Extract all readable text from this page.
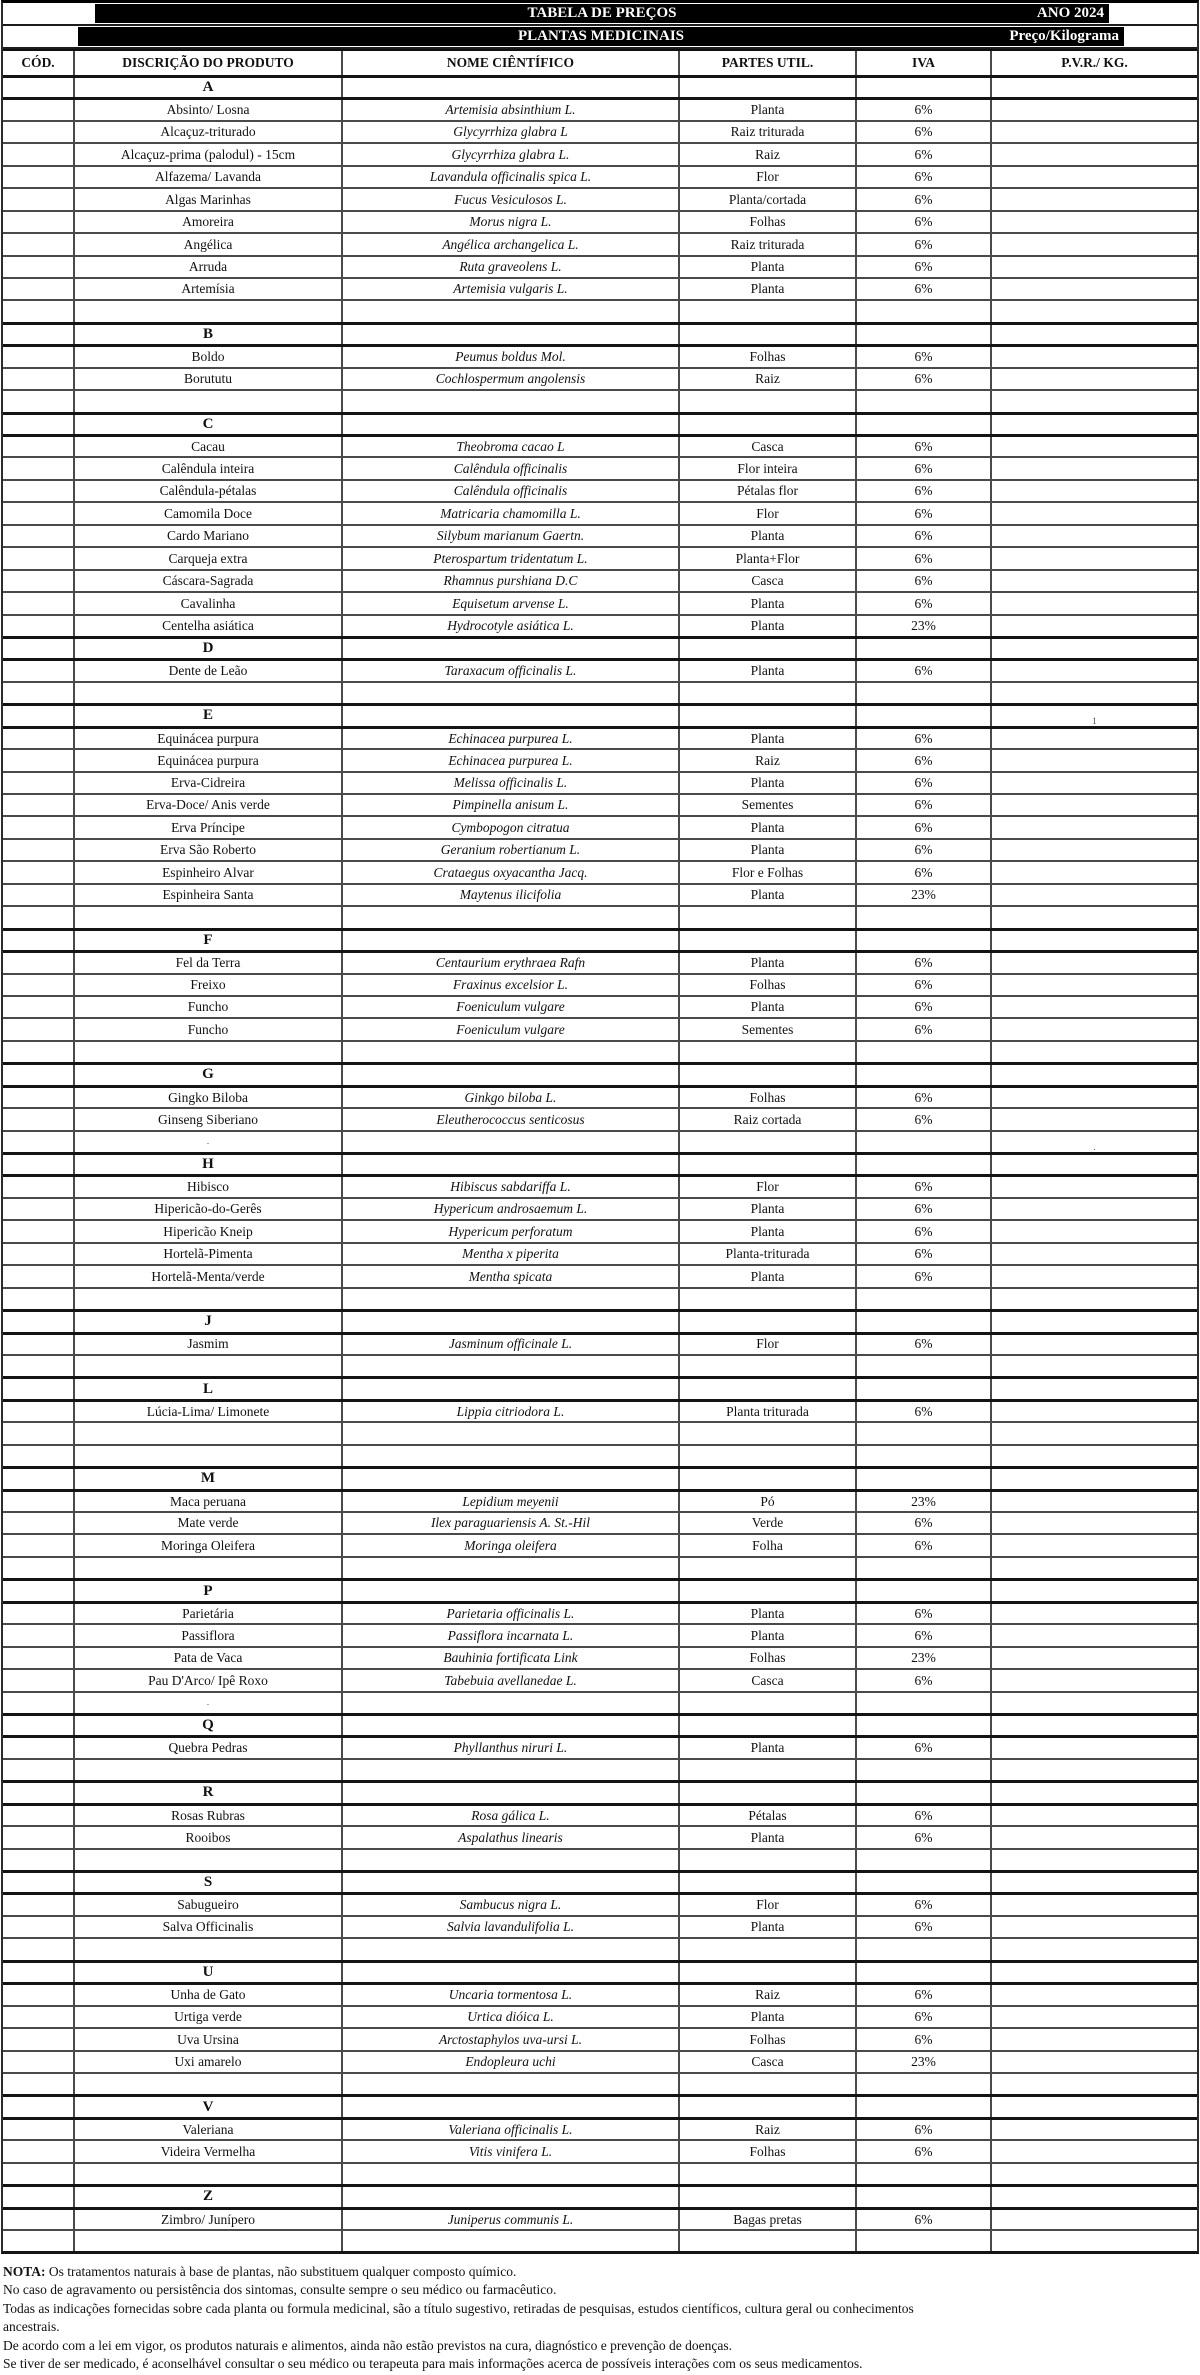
TABELA DE PREÇOS	ANO 2024
PLANTAS MEDICINAIS	Preço/Kilograma
CÓD.	DISCRIÇÃO DO PRODUTO	NOME CIÊNTÍFICO	PARTES UTIL.	IVA	P.V.R./ KG.
A
Absinto/ Losna	Artemisia absinthium L.	Planta	6%
Alcaçuz-triturado	Glycyrrhiza glabra L	Raiz triturada	6%
Alcaçuz-prima (palodul) - 15cm	Glycyrrhiza glabra L.	Raiz	6%
Alfazema/ Lavanda	Lavandula officinalis spica L.	Flor	6%
Algas Marinhas	Fucus Vesiculosos L.	Planta/cortada	6%
Amoreira	Morus nigra L.	Folhas	6%
Angélica	Angélica archangelica L.	Raiz triturada	6%
Arruda	Ruta graveolens L.	Planta	6%
Artemísia	Artemisia vulgaris L.	Planta	6%
B
Boldo	Peumus boldus Mol.	Folhas	6%
Borututu	Cochlospermum angolensis	Raiz	6%
C
Cacau	Theobroma cacao L	Casca	6%
Calêndula inteira	Calêndula officinalis	Flor inteira	6%
Calêndula-pétalas	Calêndula officinalis	Pétalas flor	6%
Camomila Doce	Matricaria chamomilla L.	Flor	6%
Cardo Mariano	Silybum marianum Gaertn.	Planta	6%
Carqueja extra	Pterospartum tridentatum L.	Planta+Flor	6%
Cáscara-Sagrada	Rhamnus purshiana D.C	Casca	6%
Cavalinha	Equisetum arvense L.	Planta	6%
Centelha asiática	Hydrocotyle asiática L.	Planta	23%
D
Dente de Leão	Taraxacum officinalis L.	Planta	6%
E	1
Equinácea purpura	Echinacea purpurea L.	Planta	6%
Equinácea purpura	Echinacea purpurea L.	Raiz	6%
Erva-Cidreira	Melissa officinalis L.	Planta	6%
Erva-Doce/ Anis verde	Pimpinella anisum L.	Sementes	6%
Erva Príncipe	Cymbopogon citratua	Planta	6%
Erva São Roberto	Geranium robertianum L.	Planta	6%
Espinheiro Alvar	Crataegus oxyacantha Jacq.	Flor e Folhas	6%
Espinheira Santa	Maytenus ilicifolia	Planta	23%
F
Fel da Terra	Centaurium erythraea Rafn	Planta	6%
Freixo	Fraxinus excelsior L.	Folhas	6%
Funcho	Foeniculum vulgare	Planta	6%
Funcho	Foeniculum vulgare	Sementes	6%
G
Gingko Biloba	Ginkgo biloba L.	Folhas	6%
Ginseng Siberiano	Eleutherococcus senticosus	Raiz cortada	6%
.
.
H
Hibisco	Hibiscus sabdariffa L.	Flor	6%
Hipericão-do-Gerês	Hypericum androsaemum L.	Planta	6%
Hipericão Kneip	Hypericum perforatum	Planta	6%
Hortelã-Pimenta	Mentha x piperita	Planta-triturada	6%
Hortelã-Menta/verde	Mentha spicata	Planta	6%
J
Jasmim	Jasminum officinale L.	Flor	6%
L
Lúcia-Lima/ Limonete	Lippia citriodora L.	Planta triturada	6%
M
Maca peruana	Lepidium meyenii	Pó	23%
Mate verde	Ilex paraguariensis A. St.-Hil	Verde	6%
Moringa Oleifera	Moringa oleifera	Folha	6%
P
Parietária	Parietaria officinalis L.	Planta	6%
Passiflora	Passiflora incarnata L.	Planta	6%
Pata de Vaca	Bauhinia fortificata Link	Folhas	23%
Pau D'Arco/ Ipê Roxo	Tabebuia avellanedae L.	Casca	6%
.
Q
Quebra Pedras	Phyllanthus niruri L.	Planta	6%
R
Rosas Rubras	Rosa gálica L.	Pétalas	6%
Rooibos	Aspalathus linearis	Planta	6%
S
Sabugueiro	Sambucus nigra L.	Flor	6%
Salva Officinalis	Salvia lavandulifolia L.	Planta	6%
U
Unha de Gato	Uncaria tormentosa L.	Raiz	6%
Urtiga verde	Urtica dióica L.	Planta	6%
Uva Ursina	Arctostaphylos uva-ursi L.	Folhas	6%
Uxi amarelo	Endopleura uchi	Casca	23%
V
Valeriana	Valeriana officinalis L.	Raiz	6%
Videira Vermelha	Vitis vinifera L.	Folhas	6%
Z
Zimbro/ Junípero	Juniperus communis L.	Bagas pretas	6%
NOTA: Os tratamentos naturais à base de plantas, não substituem qualquer composto químico.
No caso de agravamento ou persistência dos sintomas, consulte sempre o seu médico ou farmacêutico.
Todas as indicações fornecidas sobre cada planta ou formula medicinal, são a título sugestivo, retiradas de pesquisas, estudos científicos, cultura geral ou conhecimentos
ancestrais.
De acordo com a lei em vigor, os produtos naturais e alimentos, ainda não estão previstos na cura, diagnóstico e prevenção de doenças.
Se tiver de ser medicado, é aconselhável consultar o seu médico ou terapeuta para mais informações acerca de possíveis interações com os seus medicamentos.
